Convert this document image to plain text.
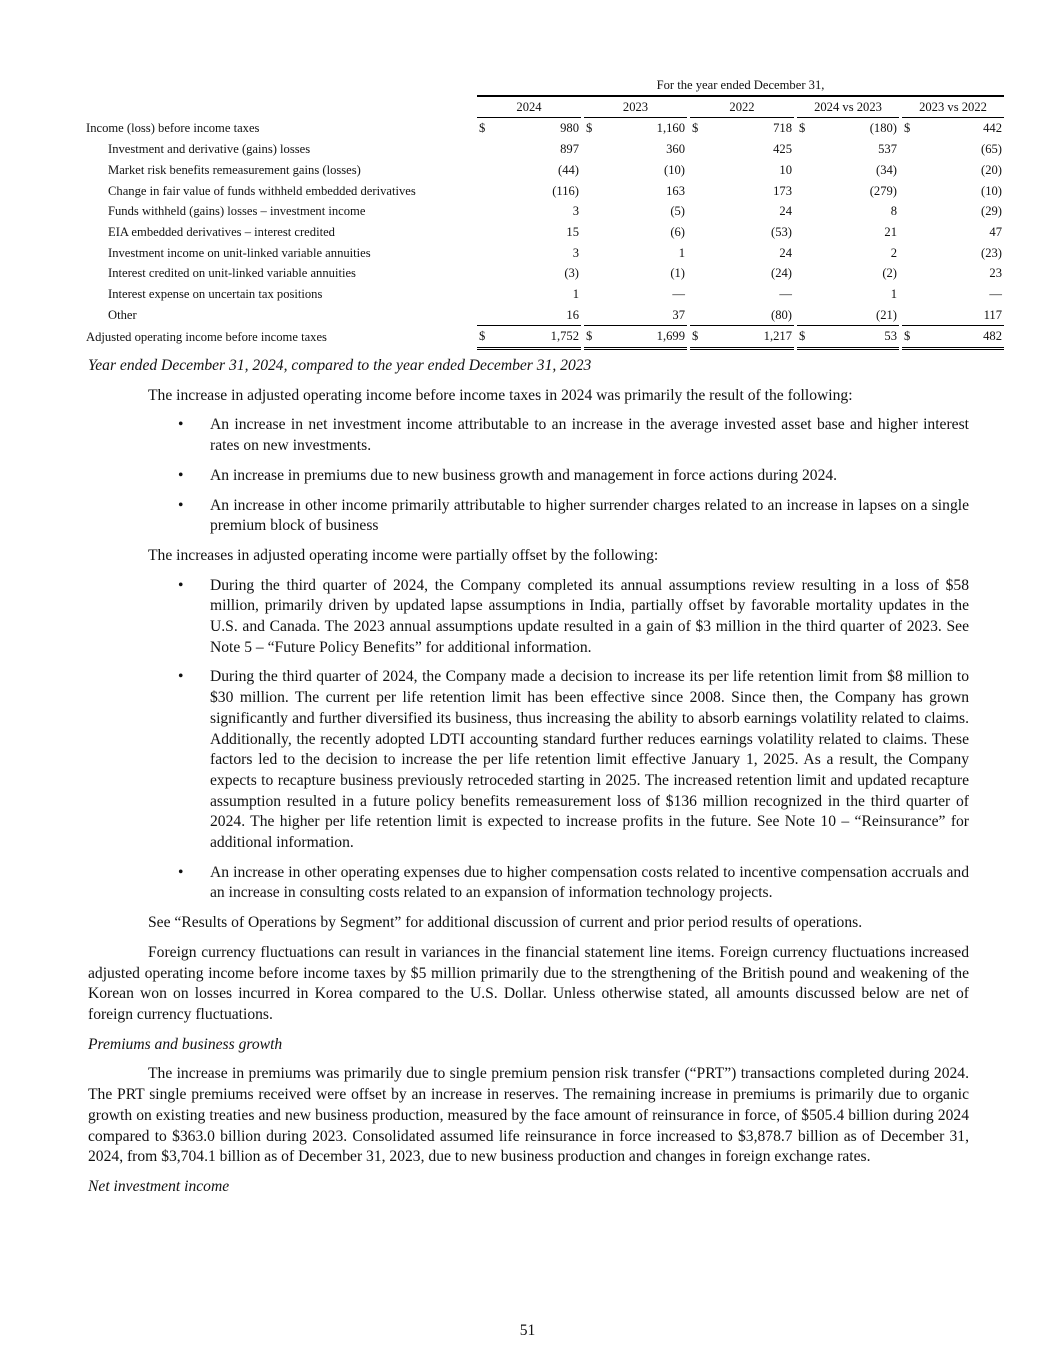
	For the year ended December 31,													
	2024			2023			2022			2024 vs 2023			2023 vs 2022	
Income (loss) before income taxes	$	980		$	1,160		$	718		$	(180)		$	442
Investment and derivative (gains) losses		897			360			425			537			(65)
Market risk benefits remeasurement gains (losses)		(44)			(10)			10			(34)			(20)
Change in fair value of funds withheld embedded derivatives		(116)			163			173			(279)			(10)
Funds withheld (gains) losses – investment income		3			(5)			24			8			(29)
EIA embedded derivatives – interest credited		15			(6)			(53)			21			47
Investment income on unit-linked variable annuities		3			1			24			2			(23)
Interest credited on unit-linked variable annuities		(3)			(1)			(24)			(2)			23
Interest expense on uncertain tax positions		1			—			—			1			—
Other		16			37			(80)			(21)			117
Adjusted operating income before income taxes	$	1,752		$	1,699		$	1,217		$	53		$	482

Year ended December 31, 2024, compared to the year ended December 31, 2023

The increase in adjusted operating income before income taxes in 2024 was primarily the result of the following:

• An increase in net investment income attributable to an increase in the average invested asset base and higher interest rates on new investments.
• An increase in premiums due to new business growth and management in force actions during 2024.
• An increase in other income primarily attributable to higher surrender charges related to an increase in lapses on a single premium block of business

The increases in adjusted operating income were partially offset by the following:

• During the third quarter of 2024, the Company completed its annual assumptions review resulting in a loss of $58 million, primarily driven by updated lapse assumptions in India, partially offset by favorable mortality updates in the U.S. and Canada. The 2023 annual assumptions update resulted in a gain of $3 million in the third quarter of 2023. See Note 5 – “Future Policy Benefits” for additional information.
• During the third quarter of 2024, the Company made a decision to increase its per life retention limit from $8 million to $30 million. The current per life retention limit has been effective since 2008. Since then, the Company has grown significantly and further diversified its business, thus increasing the ability to absorb earnings volatility related to claims. Additionally, the recently adopted LDTI accounting standard further reduces earnings volatility related to claims. These factors led to the decision to increase the per life retention limit effective January 1, 2025. As a result, the Company expects to recapture business previously retroceded starting in 2025. The increased retention limit and updated recapture assumption resulted in a future policy benefits remeasurement loss of $136 million recognized in the third quarter of 2024. The higher per life retention limit is expected to increase profits in the future. See Note 10 – “Reinsurance” for additional information.
• An increase in other operating expenses due to higher compensation costs related to incentive compensation accruals and an increase in consulting costs related to an expansion of information technology projects.

See “Results of Operations by Segment” for additional discussion of current and prior period results of operations.

Foreign currency fluctuations can result in variances in the financial statement line items. Foreign currency fluctuations increased adjusted operating income before income taxes by $5 million primarily due to the strengthening of the British pound and weakening of the Korean won on losses incurred in Korea compared to the U.S. Dollar. Unless otherwise stated, all amounts discussed below are net of foreign currency fluctuations.

Premiums and business growth

The increase in premiums was primarily due to single premium pension risk transfer (“PRT”) transactions completed during 2024. The PRT single premiums received were offset by an increase in reserves. The remaining increase in premiums is primarily due to organic growth on existing treaties and new business production, measured by the face amount of reinsurance in force, of $505.4 billion during 2024 compared to $363.0 billion during 2023. Consolidated assumed life reinsurance in force increased to $3,878.7 billion as of December 31, 2024, from $3,704.1 billion as of December 31, 2023, due to new business production and changes in foreign exchange rates.

Net investment income

51
